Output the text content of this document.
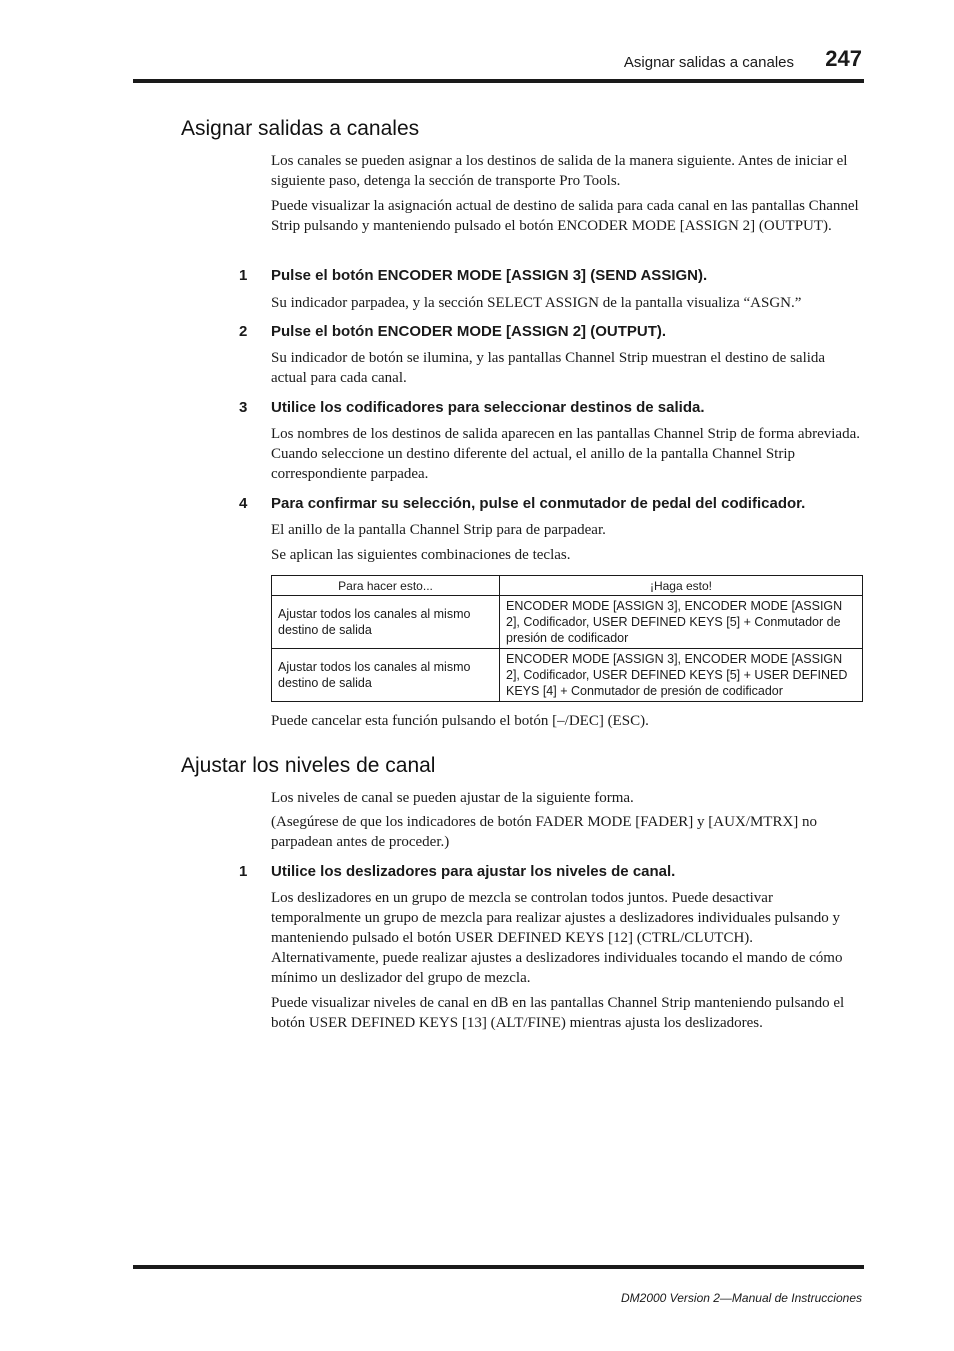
Asignar salidas a canales 247
Asignar salidas a canales

Los canales se pueden asignar a los destinos de salida de la manera siguiente. Antes de iniciar el siguiente paso, detenga la sección de transporte Pro Tools.

Puede visualizar la asignación actual de destino de salida para cada canal en las pantallas Channel Strip pulsando y manteniendo pulsado el botón ENCODER MODE [ASSIGN 2] (OUTPUT).

1 Pulse el botón ENCODER MODE [ASSIGN 3] (SEND ASSIGN).

Su indicador parpadea, y la sección SELECT ASSIGN de la pantalla visualiza “ASGN.”

2 Pulse el botón ENCODER MODE [ASSIGN 2] (OUTPUT).

Su indicador de botón se ilumina, y las pantallas Channel Strip muestran el destino de salida actual para cada canal.

3 Utilice los codificadores para seleccionar destinos de salida.

Los nombres de los destinos de salida aparecen en las pantallas Channel Strip de forma abreviada. Cuando seleccione un destino diferente del actual, el anillo de la pantalla Channel Strip correspondiente parpadea.

4 Para confirmar su selección, pulse el conmutador de pedal del codificador.

El anillo de la pantalla Channel Strip para de parpadear.

Se aplican las siguientes combinaciones de teclas.

Para hacer esto...	¡Haga esto!
Ajustar todos los canales al mismo destino de salida	ENCODER MODE [ASSIGN 3], ENCODER MODE [ASSIGN 2], Codificador, USER DEFINED KEYS [5] + Conmutador de presión de codificador
Ajustar todos los canales al mismo destino de salida	ENCODER MODE [ASSIGN 3], ENCODER MODE [ASSIGN 2], Codificador, USER DEFINED KEYS [5] + USER DEFINED KEYS [4] + Conmutador de presión de codificador

Puede cancelar esta función pulsando el botón [–/DEC] (ESC).

Ajustar los niveles de canal

Los niveles de canal se pueden ajustar de la siguiente forma.

(Asegúrese de que los indicadores de botón FADER MODE [FADER] y [AUX/MTRX] no parpadean antes de proceder.)

1 Utilice los deslizadores para ajustar los niveles de canal.

Los deslizadores en un grupo de mezcla se controlan todos juntos. Puede desactivar temporalmente un grupo de mezcla para realizar ajustes a deslizadores individuales pulsando y manteniendo pulsado el botón USER DEFINED KEYS [12] (CTRL/CLUTCH). Alternativamente, puede realizar ajustes a deslizadores individuales tocando el mando de cómo mínimo un deslizador del grupo de mezcla.

Puede visualizar niveles de canal en dB en las pantallas Channel Strip manteniendo pulsando el botón USER DEFINED KEYS [13] (ALT/FINE) mientras ajusta los deslizadores.

DM2000 Version 2—Manual de Instrucciones
